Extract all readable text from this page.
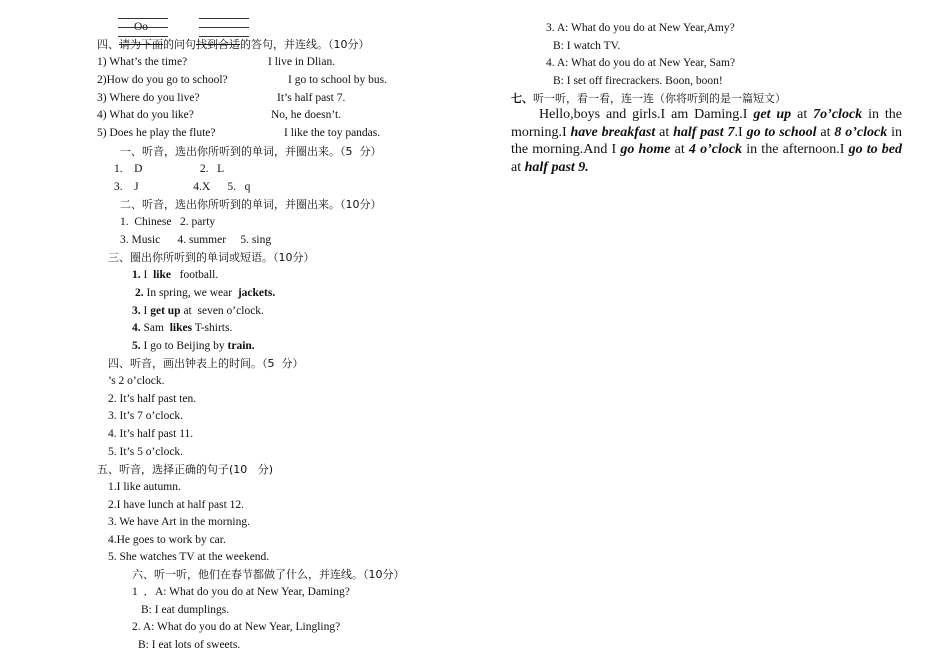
Oo
四、请为下面的问句找到合适的答句，并连线。（10分）
1) What’s the time?	I live in Dlian.
2)How do you go to school?	I go to school by bus.
3) Where do you live?	It’s half past 7.
4) What do you like?	No, he doesn’t.
5) Does he play the flute?	I like the toy pandas.
一、听音，选出你所听到的单词，并圈出来。（5  分）
1.    D                    2.   L
3.    J                   4.X      5.   q
二、听音，选出你所听到的单词，并圈出来。（10分）
1.  Chinese   2. party
3. Music      4. summer     5. sing
三、圈出你所听到的单词或短语。（10分）
1. I  like   football.
2. In spring, we wear  jackets.
3. I get up at  seven o’clock.
4. Sam  likes T-shirts.
5. I go to Beijing by train.
四、听音，画出钟表上的时间。（5  分）
’s 2 o’clock.
2. It’s half past ten.
3. It’s 7 o’clock.
4. It’s half past 11.
5. It’s 5 o’clock.
五、听音，选择正确的句子(10   分)
1.I like autumn.
2.I have lunch at half past 12.
3. We have Art in the morning.
4.He goes to work by car.
5. She watches TV at the weekend.
六、听一听，他们在春节都做了什么，并连线。（10分）
1  ．A: What do you do at New Year, Daming?
B: I eat dumplings.
2. A: What do you do at New Year, Lingling?
B: I eat lots of sweets.
3. A: What do you do at New Year,Amy?
B: I watch TV.
4. A: What do you do at New Year, Sam?
B: I set off firecrackers. Boon, boon!
七、听一听，看一看，连一连（你将听到的是一篇短文）
Hello,boys and girls.I am Daming.I get up at 7o’clock in the morning.I have breakfast at half past 7.I go to school at 8 o’clock in the morning.And I go home at 4 o’clock in the afternoon.I go to bed at half past 9.
